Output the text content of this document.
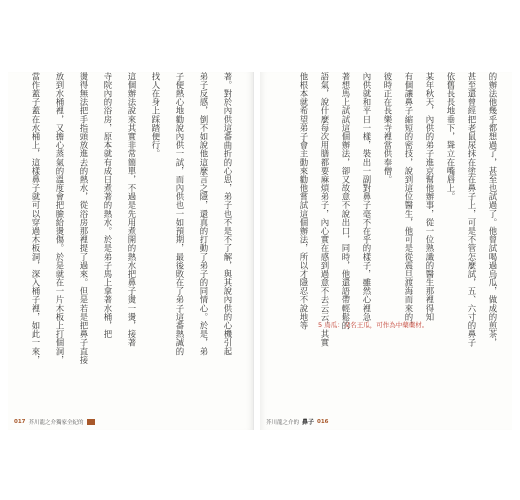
著。對於內供這番曲折的心思，弟子也不是不了解，與其說內供的心機引起
弟子反感，倒不如說他這麼言之隱，還真的打動了弟子的同情心。於是，弟
子便熱心地勸說內供一試，而內供也一如預期，最後敗在了弟子這番熱誠的
找人在身上踩踏便行。
這個辦法說來其實非常簡單，不過是先用煮開的熱水把鼻子燙一燙，接著
寺院內的浴房，原本就有成日煮著的熱水。於是弟子馬上拿著水桶，把
燙得無法把手指頭放進去的熱水，從浴房那裡提了過來。但是若是把鼻子直接
放到水桶裡，又擔心蒸氣的溫度會把臉給燙傷。於是就在一片木板上打個洞，
當作蓋子蓋在水桶上，這樣鼻子就可以穿過木板洞，深入桶子裡，如此一來，
017 芥川龍之介獨家全紀的
的辦法他幾乎都想過了，甚至也試過了。他曾試喝過烏瓜，做成的煎茶，
甚至還曾經把老鼠尿抹在塗在鼻子上，可是不管怎麼試，五、六寸的鼻子
依舊長長地垂下，聳立在嘴唇上。
某年秋天，內供的弟子進京幫他辦事，從一位熟識的醫生那裡得知
有個讓鼻子縮短的密技，說到這位醫生，他可是從震旦渡海而來的，
彼時正在長樂寺裡當供奉僧。
內供就和平日一樣，裝出一副對鼻子毫不在乎的樣子，雖然心裡急
著想馬上試試這個辦法，卻又故意不說出口，同時，他還語帶輕鬆的
語氣，說什麼每次用膳都要麻煩弟子，內心實在感到過意不去云云，其實
他根本就希望弟子會主動來勸他嘗試這個辦法，所以才隱忍不說地等	5 烏瓜：又名王瓜，可作為中藥藥材。
芥川龍之介的 鼻子 016
